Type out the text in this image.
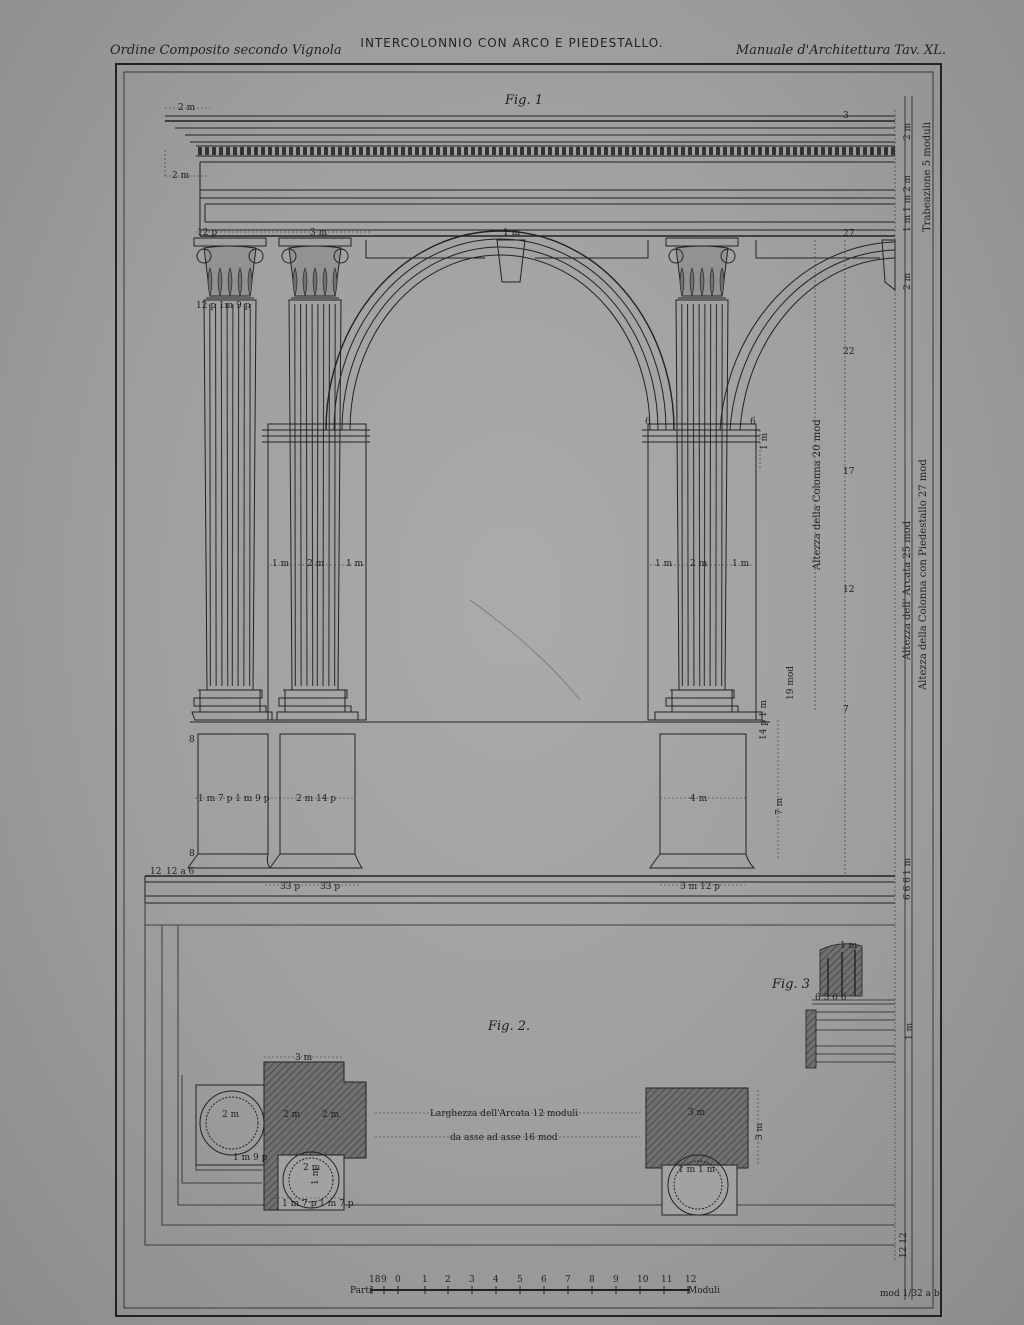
Ordine Composito secondo Vignola	INTERCOLONNIO CON ARCO E PIEDESTALLO.	Manuale d'Architettura Tav. XL.
Fig. 1
2 m
2 m
12 p	3 m	1 m
12 p 1m 9 p
1 m 2 m 1 m	1 m 2 m	1 m
1 m 7 p 1 m 9 p	2 m 14 p	4 m
33 p 33 p	3 m 12 p
12 12 a 6
8
8
6	6
1 m
19 mod
14 p 1 m
7 m
Altezza della Colonna 20 mod
Altezza dell' Arcata 25 mod Altezza della Colonna con Piedestallo 27 mod
Trabeazione 5 moduli
2 m
1 m 1 m 2 m
2 m
6 6 6
1 m
3
27
22
17
12
7
Fig. 2.
3 m
2 m	2 m 2 m	3 m
3 m
1 m 9 p
1 m 7 p 1 m 7 p
1 m
2 m	1 m 1 m
Larghezza dell'Arcata 12 moduli
da asse ad asse 16 mod
12 12
Fig. 3
1 m
6 5 6 6
1 m
18 9 0 1 2 3 4 5 6 7 8 9 10 11 12
Parti	Moduli	mod 1/32 a b
